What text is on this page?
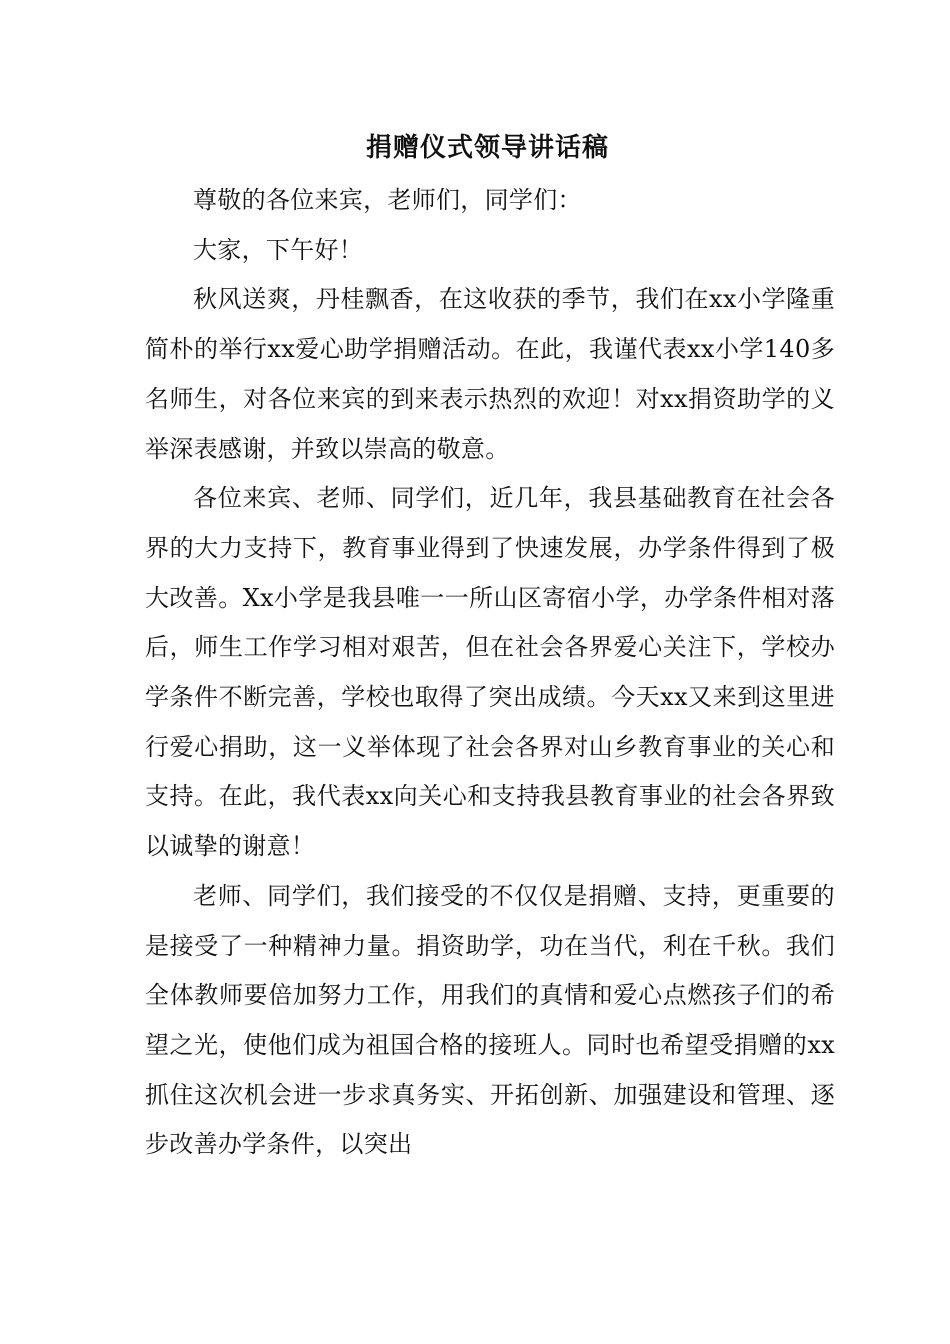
捐赠仪式领导讲话稿

尊敬的各位来宾，老师们，同学们：

大家，下午好！

秋风送爽，丹桂飘香，在这收获的季节，我们在xx小学隆重简朴的举行xx爱心助学捐赠活动。在此，我谨代表xx小学140多名师生，对各位来宾的到来表示热烈的欢迎！对xx捐资助学的义举深表感谢，并致以崇高的敬意。

各位来宾、老师、同学们，近几年，我县基础教育在社会各界的大力支持下，教育事业得到了快速发展，办学条件得到了极大改善。Xx小学是我县唯一一所山区寄宿小学，办学条件相对落后，师生工作学习相对艰苦，但在社会各界爱心关注下，学校办学条件不断完善，学校也取得了突出成绩。今天xx又来到这里进行爱心捐助，这一义举体现了社会各界对山乡教育事业的关心和支持。在此，我代表xx向关心和支持我县教育事业的社会各界致以诚挚的谢意！

老师、同学们，我们接受的不仅仅是捐赠、支持，更重要的是接受了一种精神力量。捐资助学，功在当代，利在千秋。我们全体教师要倍加努力工作，用我们的真情和爱心点燃孩子们的希望之光，使他们成为祖国合格的接班人。同时也希望受捐赠的xx抓住这次机会进一步求真务实、开拓创新、加强建设和管理、逐步改善办学条件，以突出
